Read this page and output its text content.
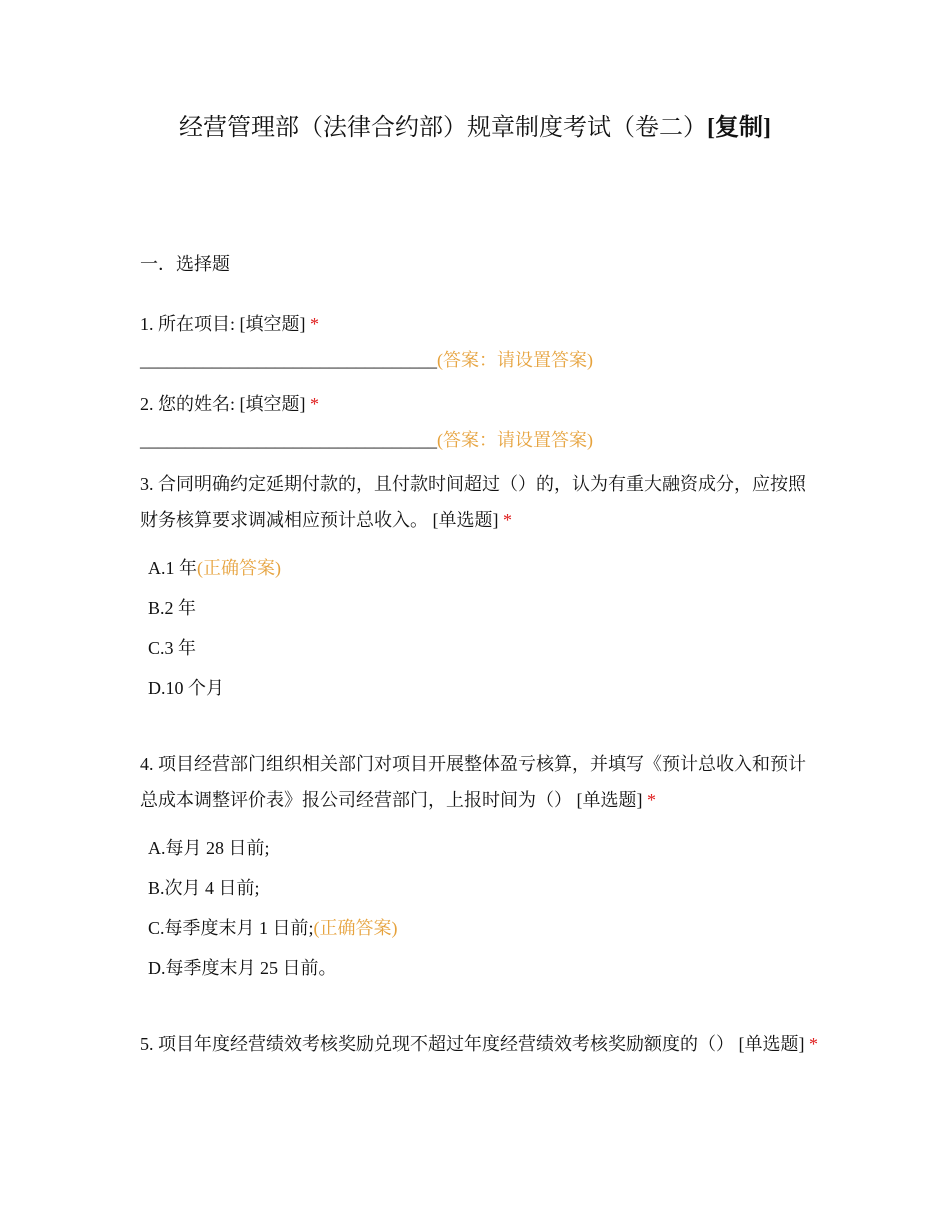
经营管理部（法律合约部）规章制度考试（卷二）[复制]
一．选择题

1. 所在项目: [填空题] *

_________________________________(答案：请设置答案)

2. 您的姓名: [填空题] *

_________________________________(答案：请设置答案)

3. 合同明确约定延期付款的，且付款时间超过（）的，认为有重大融资成分，应按照财务核算要求调减相应预计总收入。 [单选题] *

A.1 年(正确答案)
B.2 年
C.3 年
D.10 个月

4. 项目经营部门组织相关部门对项目开展整体盈亏核算，并填写《预计总收入和预计总成本调整评价表》报公司经营部门，上报时间为（） [单选题] *

A.每月 28 日前;
B.次月 4 日前;
C.每季度末月 1 日前;(正确答案)
D.每季度末月 25 日前。

5. 项目年度经营绩效考核奖励兑现不超过年度经营绩效考核奖励额度的（） [单选题] *
